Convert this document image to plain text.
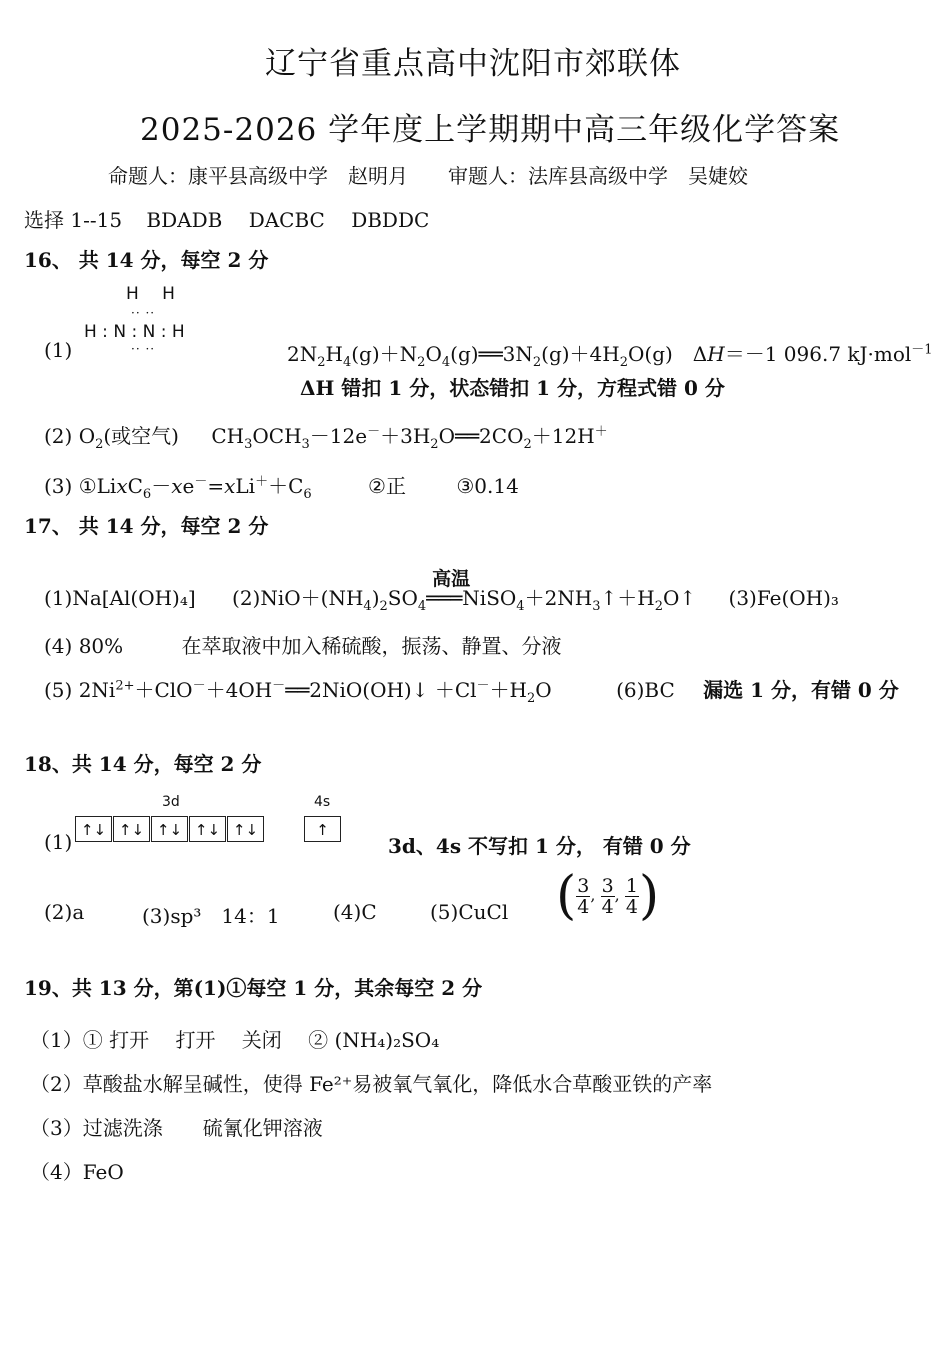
辽宁省重点高中沈阳市郊联体
2025-2026 学年度上学期期中高三年级化学答案
命题人：康平县高级中学　赵明月　　审题人：法库县高级中学　吴婕姣
选择 1--15 BDADB DACBC DBDDC
16、 共 14 分，每空 2 分
(1)
H H
·· ··
H : N : N : H
·· ··	$2N_2H_4(g)+N_2O_4(g)══3N_2(g)+4H_2O(g)$　ΔH＝－1 096.7 kJ·mol$^{-1}$
ΔH 错扣 1 分，状态错扣 1 分，方程式错 0 分
(2) $O_2$(或空气) $CH_3OCH_3-12e^-+3H_2O══2CO_2+12H^+$
(3) $①LixC_6-xe^-=xLi^++C_6$	②正	③0.14
17、 共 14 分，每空 2 分
(1)Na[Al(OH)₄] $(2)NiO+(NH_4)_2SO_4$
高温
$═══NiSO_4+2NH_3↑+H_2O↑$ (3)Fe(OH)₃
(4) 80%	在萃取液中加入稀硫酸，振荡、静置、分液
(5) $2Ni^{2+}+ClO^-+4OH^-══2NiO(OH)↓ +Cl^-+H_2O$	(6)BC 漏选 1 分，有错 0 分
18、共 14 分，每空 2 分
3d	4s
(1) ↑↓ ↑↓ ↑↓ ↑↓ ↑↓	↑
3d、4s 不写扣 1 分， 有错 0 分
(2)a	(3)sp³　14：1	(4)C	(5)CuCl ( $\frac{3}{4}$ , $\frac{3}{4}$ , $\frac{1}{4}$ )
19、共 13 分，第(1)①每空 1 分，其余每空 2 分
（1）① 打开　 打开　 关闭　 ② (NH₄)₂SO₄
（2）草酸盐水解呈碱性，使得 Fe²⁺易被氧气氧化，降低水合草酸亚铁的产率
（3）过滤洗涤　　硫氰化钾溶液
（4）FeO
